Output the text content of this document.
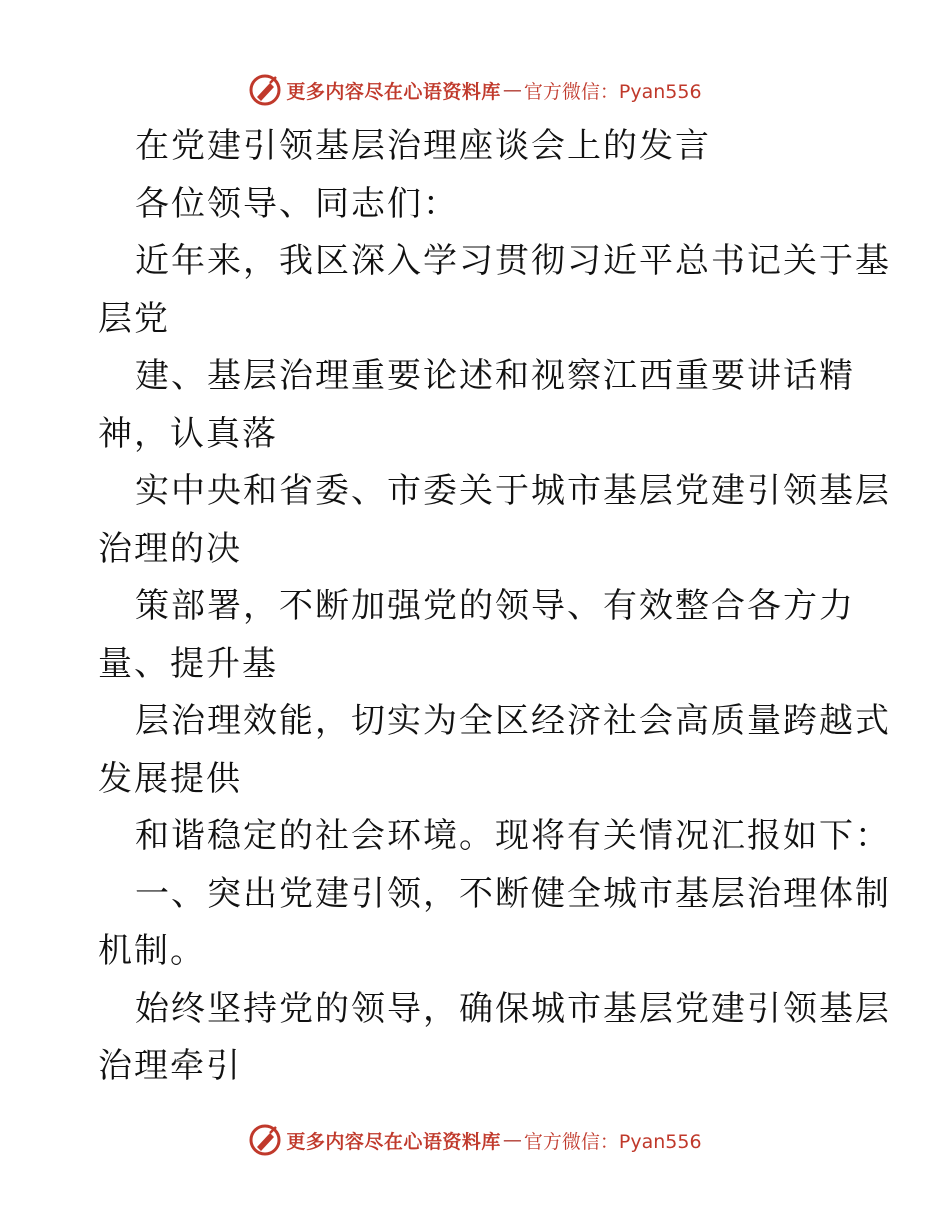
更多内容尽在心语资料库 — 官方微信：Pyan556
在党建引领基层治理座谈会上的发言
各位领导、同志们：
近年来，我区深入学习贯彻习近平总书记关于基
层党
建、基层治理重要论述和视察江西重要讲话精
神，认真落
实中央和省委、市委关于城市基层党建引领基层
治理的决
策部署，不断加强党的领导、有效整合各方力
量、提升基
层治理效能，切实为全区经济社会高质量跨越式
发展提供
和谐稳定的社会环境。现将有关情况汇报如下：
一、突出党建引领，不断健全城市基层治理体制
机制。
始终坚持党的领导，确保城市基层党建引领基层
治理牵引
更多内容尽在心语资料库 — 官方微信：Pyan556
